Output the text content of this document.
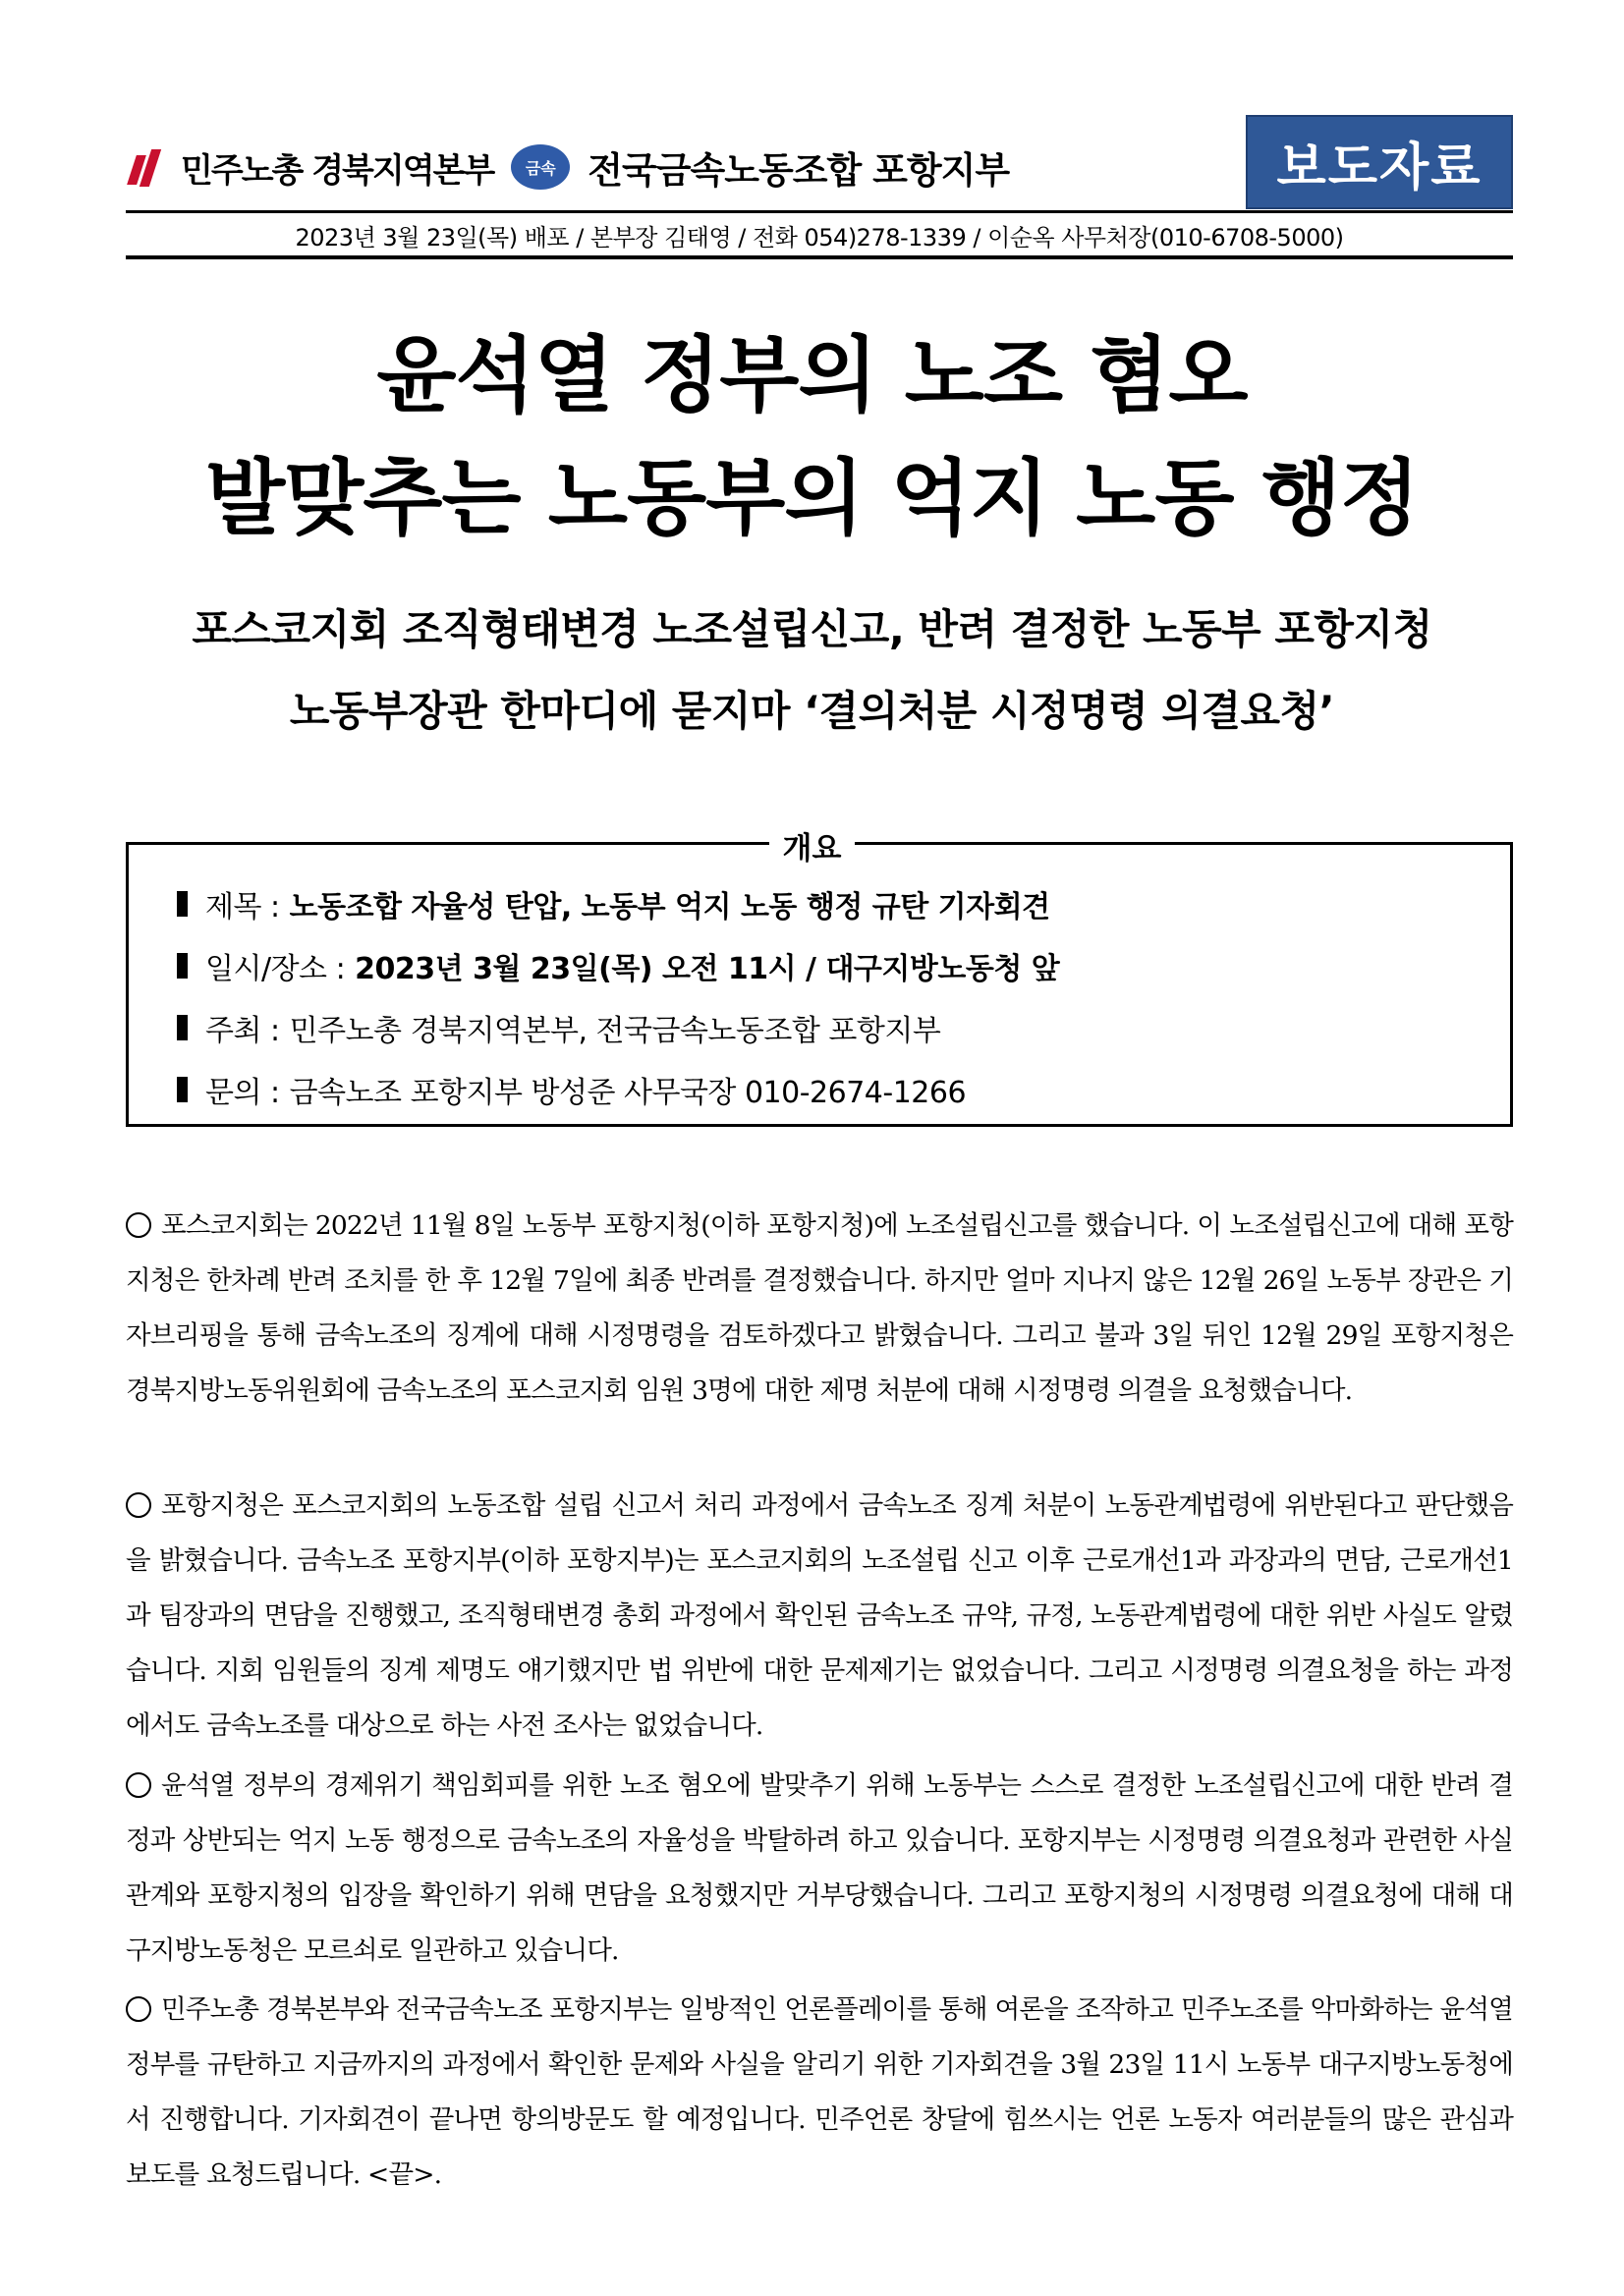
민주노총 경북지역본부	금속 전국금속노동조합 포항지부	보도자료
2023년 3월 23일(목) 배포 / 본부장 김태영 / 전화 054)278-1339 / 이순옥 사무처장(010-6708-5000)
윤석열 정부의 노조 혐오
발맞추는 노동부의 억지 노동 행정
포스코지회 조직형태변경 노조설립신고, 반려 결정한 노동부 포항지청
노동부장관 한마디에 묻지마 ‘결의처분 시정명령 의결요청’
개요
제목 : 노동조합 자율성 탄압, 노동부 억지 노동 행정 규탄 기자회견
일시/장소 : 2023년 3월 23일(목) 오전 11시 / 대구지방노동청 앞
주최 : 민주노총 경북지역본부, 전국금속노동조합 포항지부
문의 : 금속노조 포항지부 방성준 사무국장 010-2674-1266
포스코지회는 2022년 11월 8일 노동부 포항지청(이하 포항지청)에 노조설립신고를 했습니다. 이 노조설립신고에 대해 포항지청은 한차례 반려 조치를 한 후 12월 7일에 최종 반려를 결정했습니다. 하지만 얼마 지나지 않은 12월 26일 노동부 장관은 기자브리핑을 통해 금속노조의 징계에 대해 시정명령을 검토하겠다고 밝혔습니다. 그리고 불과 3일 뒤인 12월 29일 포항지청은 경북지방노동위원회에 금속노조의 포스코지회 임원 3명에 대한 제명 처분에 대해 시정명령 의결을 요청했습니다.
포항지청은 포스코지회의 노동조합 설립 신고서 처리 과정에서 금속노조 징계 처분이 노동관계법령에 위반된다고 판단했음을 밝혔습니다. 금속노조 포항지부(이하 포항지부)는 포스코지회의 노조설립 신고 이후 근로개선1과 과장과의 면담, 근로개선1과 팀장과의 면담을 진행했고, 조직형태변경 총회 과정에서 확인된 금속노조 규약, 규정, 노동관계법령에 대한 위반 사실도 알렸습니다. 지회 임원들의 징계 제명도 얘기했지만 법 위반에 대한 문제제기는 없었습니다. 그리고 시정명령 의결요청을 하는 과정에서도 금속노조를 대상으로 하는 사전 조사는 없었습니다.
윤석열 정부의 경제위기 책임회피를 위한 노조 혐오에 발맞추기 위해 노동부는 스스로 결정한 노조설립신고에 대한 반려 결정과 상반되는 억지 노동 행정으로 금속노조의 자율성을 박탈하려 하고 있습니다. 포항지부는 시정명령 의결요청과 관련한 사실관계와 포항지청의 입장을 확인하기 위해 면담을 요청했지만 거부당했습니다. 그리고 포항지청의 시정명령 의결요청에 대해 대구지방노동청은 모르쇠로 일관하고 있습니다.
민주노총 경북본부와 전국금속노조 포항지부는 일방적인 언론플레이를 통해 여론을 조작하고 민주노조를 악마화하는 윤석열 정부를 규탄하고 지금까지의 과정에서 확인한 문제와 사실을 알리기 위한 기자회견을 3월 23일 11시 노동부 대구지방노동청에서 진행합니다. 기자회견이 끝나면 항의방문도 할 예정입니다. 민주언론 창달에 힘쓰시는 언론 노동자 여러분들의 많은 관심과 보도를 요청드립니다. <끝>.
